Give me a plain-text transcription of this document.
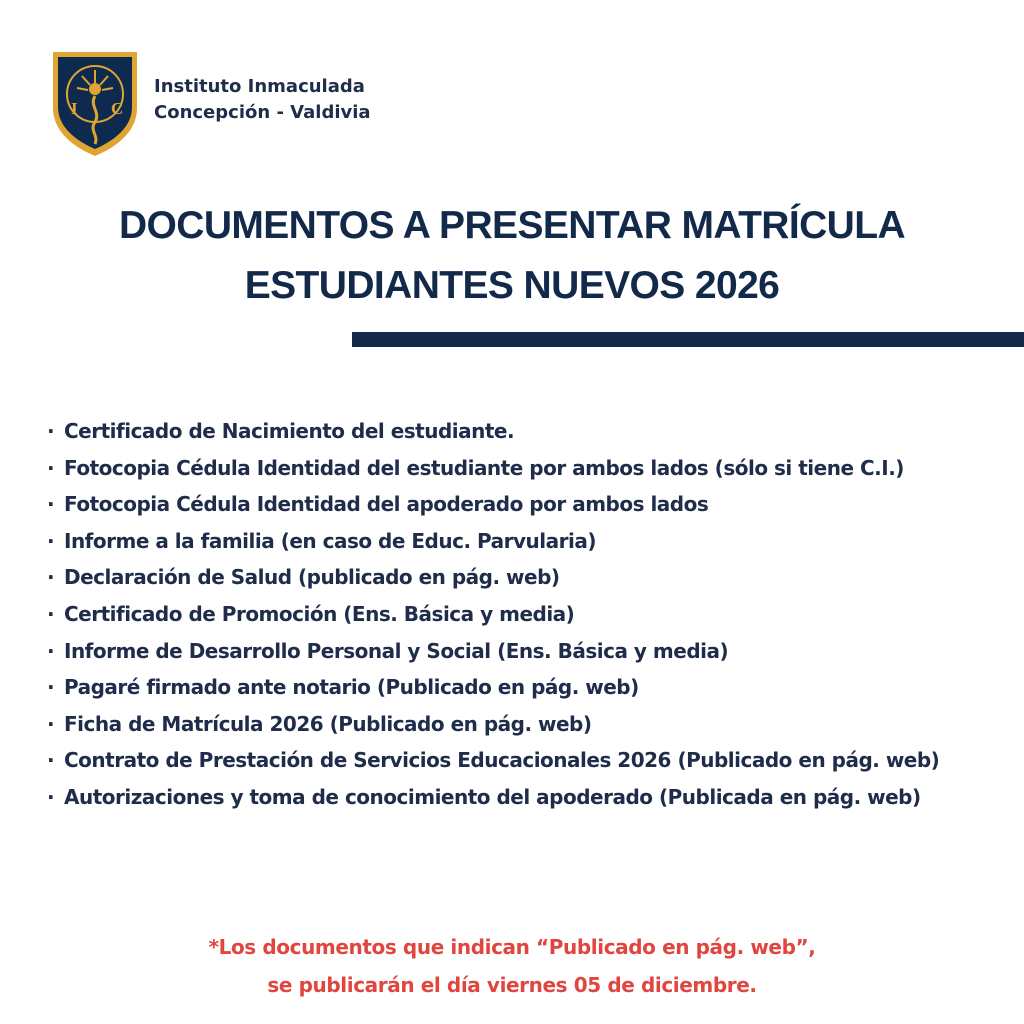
I C
Instituto Inmaculada
Concepción - Valdivia
DOCUMENTOS A PRESENTAR MATRÍCULA
ESTUDIANTES NUEVOS 2026
· Certificado de Nacimiento del estudiante.
· Fotocopia Cédula Identidad del estudiante por ambos lados (sólo si tiene C.I.)
· Fotocopia Cédula Identidad del apoderado por ambos lados
· Informe a la familia (en caso de Educ. Parvularia)
· Declaración de Salud (publicado en pág. web)
· Certificado de Promoción (Ens. Básica y media)
· Informe de Desarrollo Personal y Social (Ens. Básica y media)
· Pagaré firmado ante notario (Publicado en pág. web)
· Ficha de Matrícula 2026 (Publicado en pág. web)
· Contrato de Prestación de Servicios Educacionales 2026 (Publicado en pág. web)
· Autorizaciones y toma de conocimiento del apoderado (Publicada en pág. web)
*Los documentos que indican “Publicado en pág. web”,
se publicarán el día viernes 05 de diciembre.
